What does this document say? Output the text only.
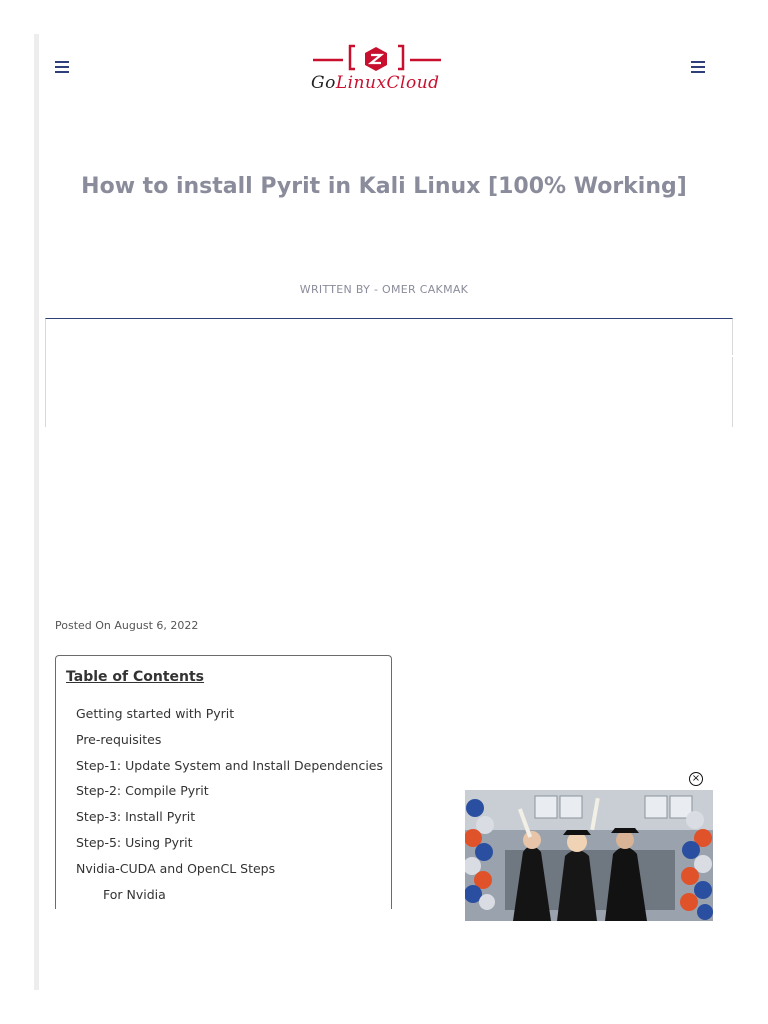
GoLinuxCloud
How to install Pyrit in Kali Linux [100% Working]
WRITTEN BY - OMER CAKMAK
Posted On August 6, 2022
Table of Contents
Getting started with Pyrit
Pre-requisites
Step-1: Update System and Install Dependencies
Step-2: Compile Pyrit
Step-3: Install Pyrit
Step-5: Using Pyrit
Nvidia-CUDA and OpenCL Steps
For Nvidia
×
